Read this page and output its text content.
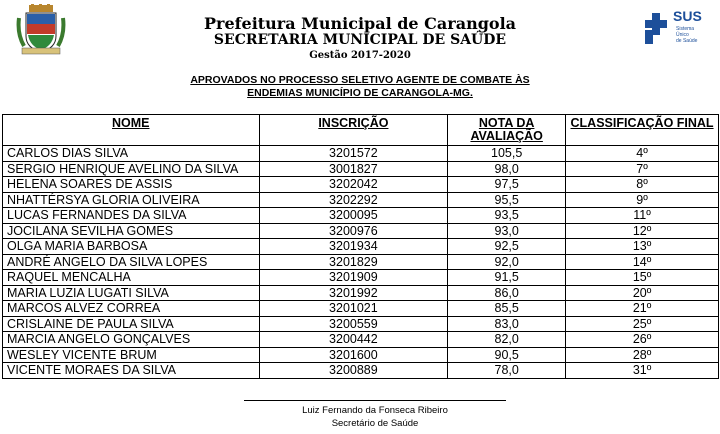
Prefeitura Municipal de Carangola
SECRETARIA MUNICIPAL DE SAÚDE
Gestão 2017-2020
SUS
Sistema
Único
de Saúde
APROVADOS NO PROCESSO SELETIVO AGENTE DE COMBATE ÀS
ENDEMIAS MUNICÍPIO DE CARANGOLA-MG.
NOME	INSCRIÇÃO	NOTA DA AVALIAÇÃO	CLASSIFICAÇÃO FINAL
CARLOS DIAS SILVA	3201572	105,5	4º
SERGIO HENRIQUE AVELINO DA SILVA	3001827	98,0	7º
HELENA SOARES DE ASSIS	3202042	97,5	8º
NHATTÉRSYA GLORIA OLIVEIRA	3202292	95,5	9º
LUCAS FERNANDES DA SILVA	3200095	93,5	11º
JOCILANA SEVILHA GOMES	3200976	93,0	12º
OLGA MARIA BARBOSA	3201934	92,5	13º
ANDRÉ ANGELO DA SILVA LOPES	3201829	92,0	14º
RAQUEL MENCALHA	3201909	91,5	15º
MARIA LUZIA LUGATI SILVA	3201992	86,0	20º
MARCOS ALVEZ CORREA	3201021	85,5	21º
CRISLAINE DE PAULA SILVA	3200559	83,0	25º
MARCIA ANGELO GONÇALVES	3200442	82,0	26º
WESLEY VICENTE BRUM	3201600	90,5	28º
VICENTE MORAES DA SILVA	3200889	78,0	31º
Luiz Fernando da Fonseca Ribeiro
Secretário de Saúde
